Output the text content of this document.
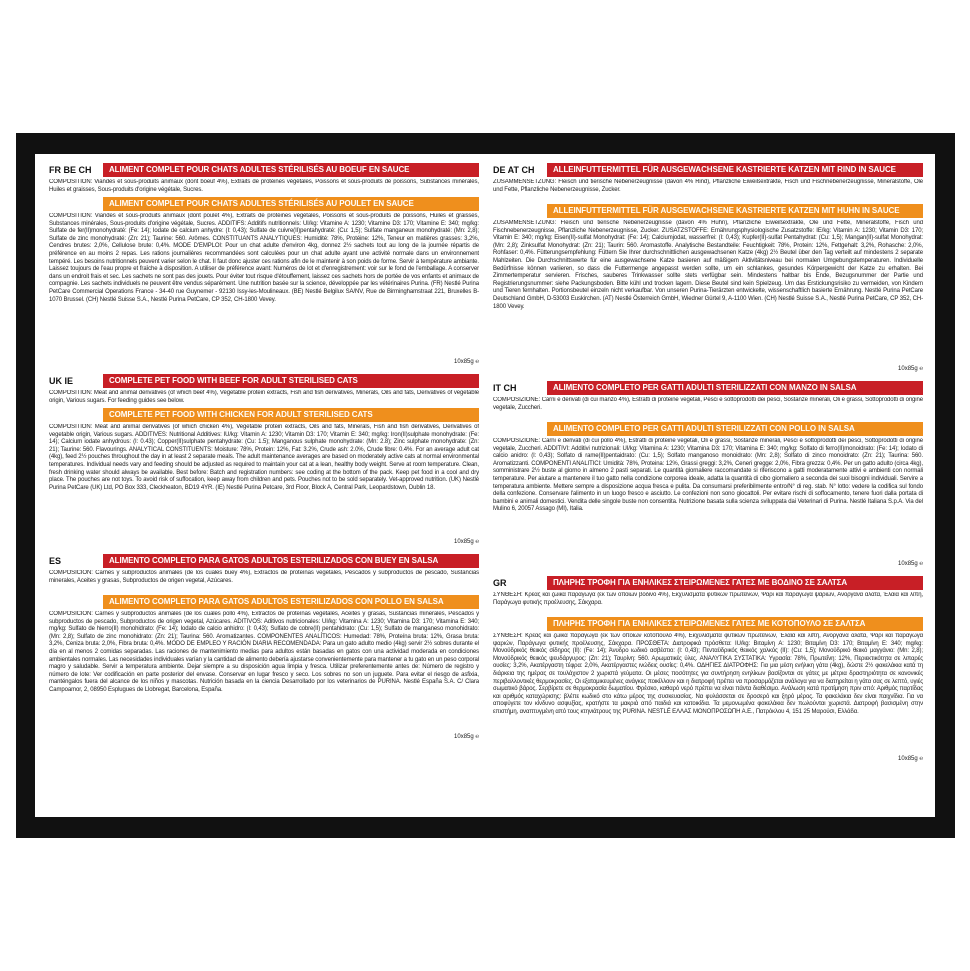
FR BE CH	ALIMENT COMPLET POUR CHATS ADULTES STÉRILISÉS AU BOEUF EN SAUCE

COMPOSITION: Viandes et sous-produits animaux (dont boeuf 4%), Extraits de protéines végétales, Poissons et sous-produits de poissons, Substances minérales, Huiles et graisses, Sous-produits d'origine végétale, Sucres.

ALIMENT COMPLET POUR CHATS ADULTES STÉRILISÉS AU POULET EN SAUCE

COMPOSITION: Viandes et sous-produits animaux (dont poulet 4%), Extraits de protéines végétales, Poissons et sous-produits de poissons, Huiles et graisses, Substances minérales, Sous-produits d'origine végétale, Sucres. ADDITIFS: Additifs nutritionnels: UI/kg: Vitamine A: 1230; Vitamine D3: 170; Vitamine E: 340; mg/kg: Sulfate de fer(II)monohydraté: (Fe: 14); Iodate de calcium anhydre: (I: 0,43); Sulfate de cuivre(II)pentahydraté: (Cu: 1,5); Sulfate manganeux monohydraté: (Mn: 2,8); Sulfate de zinc monohydraté: (Zn: 21); Taurine: 560. Arômes. CONSTITUANTS ANALYTIQUES: Humidité: 78%, Protéine: 12%, Teneur en matières grasses: 3,2%, Cendres brutes: 2,0%, Cellulose brute: 0,4%. MODE D'EMPLOI: Pour un chat adulte d'environ 4kg, donnez 2½ sachets tout au long de la journée répartis de préférence en au moins 2 repas. Les rations journalières recommandées sont calculées pour un chat adulte ayant une activité normale dans un environnement tempéré. Les besoins nutritionnels peuvent varier selon le chat. Il faut donc ajuster ces rations afin de le maintenir à son poids de forme. Servir à température ambiante. Laissez toujours de l'eau propre et fraîche à disposition. A utiliser de préférence avant: Numéros de lot et d'enregistrement: voir sur le fond de l'emballage. A conserver dans un endroit frais et sec. Les sachets ne sont pas des jouets. Pour éviter tout risque d'étouffement, laissez ces sachets hors de portée de vos enfants et animaux de compagnie. Les sachets individuels ne peuvent être vendus séparément. Une nutrition basée sur la science, développée par les vétérinaires Purina. (FR) Nestlé Purina PetCare Commercial Operations France - 34-40 rue Guynemer - 92130 Issy-les-Moulineaux. (BE) Nestlé Belgilux SA/NV, Rue de Birminghamstraat 221, Bruxelles B-1070 Brussel. (CH) Nestlé Suisse S.A., Nestlé Purina PetCare, CP 352, CH-1800 Vevey.

10x85g ℮
UK IE	COMPLETE PET FOOD WITH BEEF FOR ADULT STERILISED CATS

COMPOSITION: Meat and animal derivatives (of which beef 4%), Vegetable protein extracts, Fish and fish derivatives, Minerals, Oils and fats, Derivatives of vegetable origin, Various sugars. For feeding guides see below.

COMPLETE PET FOOD WITH CHICKEN FOR ADULT STERILISED CATS

COMPOSITION: Meat and animal derivatives (of which chicken 4%), Vegetable protein extracts, Oils and fats, Minerals, Fish and fish derivatives, Derivatives of vegetable origin, Various sugars. ADDITIVES: Nutritional Additives: IU/kg: Vitamin A: 1230; Vitamin D3: 170; Vitamin E: 340; mg/kg: Iron(II)sulphate monohydrate: (Fe: 14); Calcium iodate anhydrous: (I: 0.43); Copper(II)sulphate pentahydrate: (Cu: 1.5); Manganous sulphate monohydrate: (Mn: 2.8); Zinc sulphate monohydrate: (Zn: 21); Taurine: 560. Flavourings. ANALYTICAL CONSTITUENTS: Moisture: 78%, Protein: 12%, Fat: 3.2%, Crude ash: 2.0%, Crude fibre: 0.4%. For an average adult cat (4kg), feed 2½ pouches throughout the day in at least 2 separate meals. The adult maintenance averages are based on moderately active cats at normal environmental temperatures. Individual needs vary and feeding should be adjusted as required to maintain your cat at a lean, healthy body weight. Serve at room temperature. Clean, fresh drinking water should always be available. Best before: Batch and registration numbers: see coding at the bottom of the pack. Keep pet food in a cool and dry place. The pouches are not toys. To avoid risk of suffocation, keep away from children and pets. Pouches not to be sold separately. Vet-approved nutrition. (UK) Nestlé Purina PetCare (UK) Ltd, PO Box 333, Cleckheaton, BD19 4YR. (IE) Nestlé Purina Petcare, 3rd Floor, Block A, Central Park, Leopardstown, Dublin 18.

10x85g ℮
ES	ALIMENTO COMPLETO PARA GATOS ADULTOS ESTERILIZADOS CON BUEY EN SALSA

COMPOSICIÓN: Carnes y subproductos animales (de los cuales buey 4%), Extractos de proteínas vegetales, Pescados y subproductos de pescado, Sustancias minerales, Aceites y grasas, Subproductos de origen vegetal, Azúcares.

ALIMENTO COMPLETO PARA GATOS ADULTOS ESTERILIZADOS CON POLLO EN SALSA

COMPOSICIÓN: Carnes y subproductos animales (de los cuales pollo 4%), Extractos de proteínas vegetales, Aceites y grasas, Sustancias minerales, Pescados y subproductos de pescado, Subproductos de origen vegetal, Azúcares. ADITIVOS: Aditivos nutricionales: UI/kg: Vitamina A: 1230; Vitamina D3: 170; Vitamina E: 340; mg/kg: Sulfato de hierro(II) monohidrato: (Fe: 14); Iodato de calcio anhidro: (I: 0,43); Sulfato de cobre(II) pentahidrato: (Cu: 1,5); Sulfato de manganeso monohidrato: (Mn: 2,8); Sulfato de zinc monohidrato: (Zn: 21); Taurina: 560. Aromatizantes. COMPONENTES ANALÍTICOS: Humedad: 78%, Proteína bruta: 12%, Grasa bruta: 3,2%, Ceniza bruta: 2,0%, Fibra bruta: 0,4%. MODO DE EMPLEO Y RACIÓN DIARIA RECOMENDADA: Para un gato adulto medio (4kg) servir 2½ sobres durante el día en al menos 2 comidas separadas. Las raciones de mantenimiento medias para adultos están basadas en gatos con una actividad moderada en condiciones ambientales normales. Las necesidades individuales varían y la cantidad de alimento debería ajustarse convenientemente para mantener a tu gato en un peso corporal magro y saludable. Servir a temperatura ambiente. Dejar siempre a su disposición agua limpia y fresca. Utilizar preferentemente antes de: Número de registro y número de lote: Ver codificación en parte posterior del envase. Conservar en lugar fresco y seco. Los sobres no son un juguete. Para evitar el riesgo de asfixia, manténgalos fuera del alcance de los niños y mascotas. Nutrición basada en la ciencia Desarrollado por los veterinarios de PURINA. Nestlé España S.A. C/ Clara Campoamor, 2, 08950 Esplugues de Llobregat, Barcelona, España.

10x85g ℮
DE AT CH	ALLEINFUTTERMITTEL FÜR AUSGEWACHSENE KASTRIERTE KATZEN MIT RIND IN SAUCE

ZUSAMMENSETZUNG: Fleisch und tierische Nebenerzeugnisse (davon 4% Rind), Pflanzliche Eiweißextrakte, Fisch und Fischnebenerzeugnisse, Mineralstoffe, Öle und Fette, Pflanzliche Nebenerzeugnisse, Zucker.

ALLEINFUTTERMITTEL FÜR AUSGEWACHSENE KASTRIERTE KATZEN MIT HUHN IN SAUCE

ZUSAMMENSETZUNG: Fleisch und tierische Nebenerzeugnisse (davon 4% Huhn), Pflanzliche Eiweißextrakte, Öle und Fette, Mineralstoffe, Fisch und Fischnebenerzeugnisse, Pflanzliche Nebenerzeugnisse, Zucker. ZUSATZSTOFFE: Ernährungsphysiologische Zusatzstoffe: IE/kg: Vitamin A: 1230; Vitamin D3: 170; Vitamin E: 340; mg/kg: Eisen(II)-sulfat Monohydrat: (Fe: 14); Calciumjodat, wasserfrei: (I: 0,43); Kupfer(II)-sulfat Pentahydrat: (Cu: 1,5); Mangan(II)-sulfat Monohydrat: (Mn: 2,8); Zinksulfat Monohydrat: (Zn: 21); Taurin: 560. Aromastoffe. Analytische Bestandteile: Feuchtigkeit: 78%, Protein: 12%, Fettgehalt: 3,2%, Rohasche: 2,0%, Rohfaser: 0,4%. Fütterungsempfehlung: Füttern Sie Ihrer durchschnittlichen ausgewachsenen Katze (4kg) 2½ Beutel über den Tag verteilt auf mindestens 2 separate Mahlzeiten. Die Durchschnittswerte für eine ausgewachsene Katze basieren auf mäßigem Aktivitätsniveau bei normalen Umgebungstemperaturen. Individuelle Bedürfnisse können variieren, so dass die Futtermenge angepasst werden sollte, um ein schlankes, gesundes Körpergewicht der Katze zu erhalten. Bei Zimmertemperatur servieren. Frisches, sauberes Trinkwasser sollte stets verfügbar sein. Mindestens haltbar bis Ende, Bezugsnummer der Partie und Registrierungsnummer: siehe Packungsboden. Bitte kühl und trocken lagern. Diese Beutel sind kein Spielzeug. Um das Erstickungsrisiko zu vermeiden, von Kindern und Tieren fernhalten. Portionsbeutel einzeln nicht verkaufbar. Von unseren Purina-Tierärzten entwickelte, wissenschaftlich basierte Ernährung. Nestlé Purina PetCare Deutschland GmbH, D-53003 Euskirchen. (AT) Nestlé Österreich GmbH, Wiedner Gürtel 9, A-1100 Wien. (CH) Nestlé Suisse S.A., Nestlé Purina PetCare, CP 352, CH-1800 Vevey.

10x85g ℮
IT CH	ALIMENTO COMPLETO PER GATTI ADULTI STERILIZZATI CON MANZO IN SALSA

COMPOSIZIONE: Carni e derivati (di cui manzo 4%), Estratti di proteine vegetali, Pesci e sottoprodotti dei pesci, Sostanze minerali, Oli e grassi, Sottoprodotti di origine vegetale, Zuccheri.

ALIMENTO COMPLETO PER GATTI ADULTI STERILIZZATI CON POLLO IN SALSA

COMPOSIZIONE: Carni e derivati (di cui pollo 4%), Estratti di proteine vegetali, Oli e grassi, Sostanze minerali, Pesci e sottoprodotti dei pesci, Sottoprodotti di origine vegetale, Zuccheri. ADDITIVI: Additivi nutrizionali: UI/kg: Vitamina A: 1230; Vitamina D3: 170; Vitamina E: 340; mg/kg: Solfato di ferro(II)monoidrato: (Fe: 14); Iodato di calcio anidro: (I: 0,43); Solfato di rame(II)pentaidrato: (Cu: 1,5); Solfato manganoso monoidrato: (Mn: 2,8); Solfato di zinco monoidrato: (Zn: 21); Taurina: 560. Aromatizzanti. COMPONENTI ANALITICI: Umidità: 78%, Proteina: 12%, Grassi greggi: 3,2%, Ceneri gregge: 2,0%, Fibra grezza: 0,4%. Per un gatto adulto (circa 4kg), somministrare 2½ buste al giorno in almeno 2 pasti separati. Le quantità giornaliere raccomandate si riferiscono a gatti moderatamente attivi e ambienti con normali temperature. Per aiutare a mantenere il tuo gatto nella condizione corporea ideale, adatta la quantità di cibo giornaliero a seconda dei suoi bisogni individuali. Servire a temperatura ambiente. Mettere sempre a disposizione acqua fresca e pulita. Da consumarsi preferibilmente entro/N° di reg. stab. N° lotto: vedere la codifica sul fondo della confezione. Conservare l'alimento in un luogo fresco e asciutto. Le confezioni non sono giocattoli. Per evitare rischi di soffocamento, tenere fuori dalla portata di bambini e animali domestici. Vendita delle singole buste non consentita. Nutrizione basata sulla scienza sviluppata dai Veterinari di Purina. Nestlé Italiana S.p.A. Via del Mulino 6, 20057 Assago (MI), Italia.

10x85g ℮
GR	ΠΛΗΡΗΣ ΤΡΟΦΗ ΓΙΑ ΕΝΗΛΙΚΕΣ ΣΤΕΙΡΩΜΕΝΕΣ ΓΑΤΕΣ ΜΕ ΒΟΔΙΝΟ ΣΕ ΣΑΛΤΣΑ

ΣΥΝΘΕΣΗ: Κρέας και ζωικά παράγωγα (εκ των οποίων βοδινό 4%), Εκχυλίσματα φυτικών πρωτεϊνών, Ψάρι και παράγωγα ψαριών, Ανόργανα άλατα, Έλαια και λίπη, Παράγωγα φυτικής προέλευσης, Σάκχαρα.

ΠΛΗΡΗΣ ΤΡΟΦΗ ΓΙΑ ΕΝΗΛΙΚΕΣ ΣΤΕΙΡΩΜΕΝΕΣ ΓΑΤΕΣ ΜΕ ΚΟΤΟΠΟΥΛΟ ΣΕ ΣΑΛΤΣΑ

ΣΥΝΘΕΣΗ: Κρέας και ζωικά παράγωγα (εκ των οποίων κοτόπουλο 4%), Εκχυλίσματα φυτικών πρωτεϊνών, Έλαια και λίπη, Ανόργανα άλατα, Ψάρι και παράγωγα ψαριών, Παράγωγα φυτικής προέλευσης, Σάκχαρα. ΠΡΟΣΘΕΤΑ: Διατροφικά πρόσθετα: IU/kg: Βιταμίνη A: 1230; Βιταμίνη D3: 170; Βιταμίνη E: 340; mg/kg: Μονοϋδρικός θειικός σίδηρος (II): (Fe: 14); Άνυδρο ιωδικό ασβέστιο: (I: 0,43); Πενταϋδρικός θειικός χαλκός (II): (Cu: 1,5); Μονοϋδρικό θειικό μαγγάνιο: (Mn: 2,8); Μονοϋδρικός θειικός ψευδάργυρος: (Zn: 21); Ταυρίνη: 560. Αρωματικές ύλες. ΑΝΑΛΥΤΙΚΑ ΣΥΣΤΑΤΙΚΑ: Υγρασία: 78%, Πρωτεΐνη: 12%, Περιεκτικότητα σε λιπαρές ουσίες: 3,2%, Ακατέργαστη τέφρα: 2,0%, Ακατέργαστες ινώδεις ουσίες: 0,4%. ΟΔΗΓΙΕΣ ΔΙΑΤΡΟΦΗΣ: Για μια μέση ενήλικη γάτα (4kg), δώστε 2½ φακελάκια κατά τη διάρκεια της ημέρας σε τουλάχιστον 2 χωριστά γεύματα. Οι μέσες ποσότητες για συντήρηση ενηλίκων βασίζονται σε γάτες με μέτρια δραστηριότητα σε κανονικές περιβαλλοντικές θερμοκρασίες. Οι εξατομικευμένες ανάγκες ποικίλλουν και η διατροφή πρέπει να προσαρμόζεται ανάλογα για να διατηρείται η γάτα σας σε λεπτό, υγιές σωματικό βάρος. Σερβίρετε σε θερμοκρασία δωματίου. Φρέσκο, καθαρό νερό πρέπει να είναι πάντα διαθέσιμο. Ανάλωση κατά προτίμηση πριν από: Αριθμός παρτίδας και αριθμός καταχώρισης: βλέπε κωδικό στο κάτω μέρος της συσκευασίας. Να φυλάσσεται σε δροσερό και ξηρό μέρος. Τα φακελάκια δεν είναι παιχνίδια. Για να αποφύγετε τον κίνδυνο ασφυξίας, κρατήστε τα μακριά από παιδιά και κατοικίδια. Τα μεμονωμένα φακελάκια δεν πωλούνται χωριστά. Διατροφή βασισμένη στην επιστήμη, αναπτυγμένη από τους κτηνιάτρους της PURINA. NESTLÉ ΕΛΛΑΣ ΜΟΝΟΠΡΟΣΩΠΗ Α.Ε., Πατρόκλου 4, 151 25 Μαρούσι, Ελλάδα.

10x85g ℮
